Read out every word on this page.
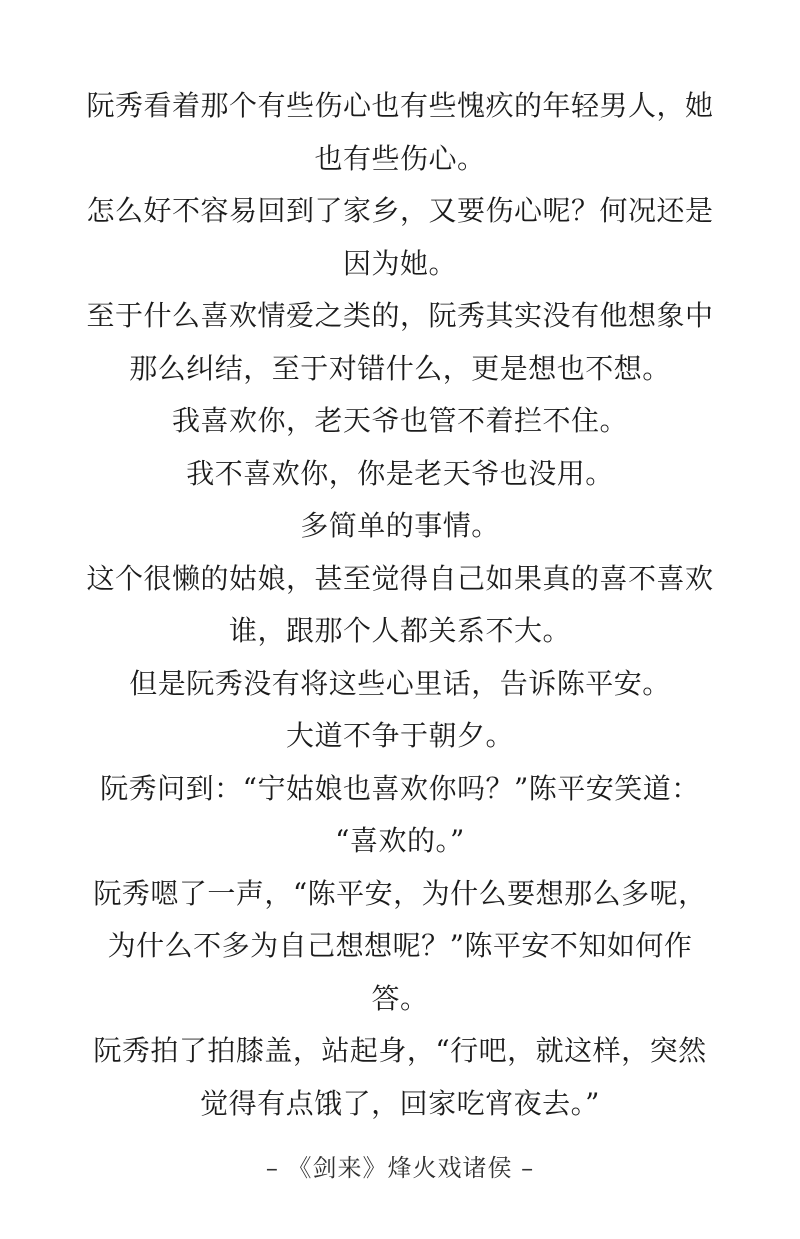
阮秀看着那个有些伤心也有些愧疚的年轻男人，她
也有些伤心。
怎么好不容易回到了家乡，又要伤心呢？何况还是
因为她。
至于什么喜欢情爱之类的，阮秀其实没有他想象中
那么纠结，至于对错什么，更是想也不想。
我喜欢你，老天爷也管不着拦不住。
我不喜欢你，你是老天爷也没用。
多简单的事情。
这个很懒的姑娘，甚至觉得自己如果真的喜不喜欢
谁，跟那个人都关系不大。
但是阮秀没有将这些心里话，告诉陈平安。
大道不争于朝夕。
阮秀问到：“宁姑娘也喜欢你吗？”陈平安笑道：
“喜欢的。”
阮秀嗯了一声，“陈平安，为什么要想那么多呢，
为什么不多为自己想想呢？”陈平安不知如何作
答。
阮秀拍了拍膝盖，站起身，“行吧，就这样，突然
觉得有点饿了，回家吃宵夜去。”
– 《剑来》烽火戏诸侯 –
